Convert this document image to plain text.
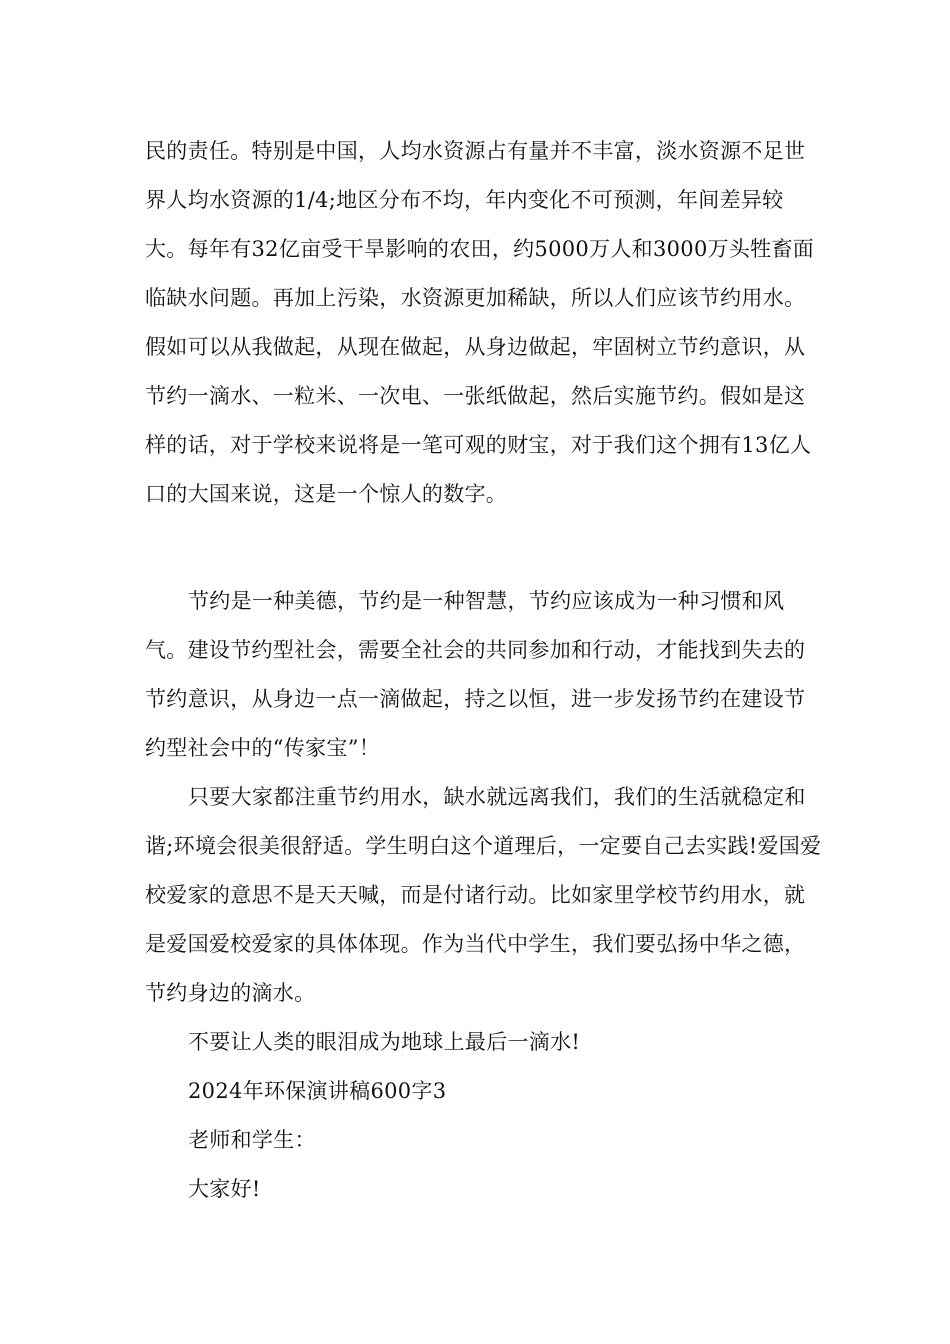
民的责任。特别是中国，人均水资源占有量并不丰富，淡水资源不足世界人均水资源的1/4;地区分布不均，年内变化不可预测，年间差异较大。每年有32亿亩受干旱影响的农田，约5000万人和3000万头牲畜面临缺水问题。再加上污染，水资源更加稀缺，所以人们应该节约用水。假如可以从我做起，从现在做起，从身边做起，牢固树立节约意识，从节约一滴水、一粒米、一次电、一张纸做起，然后实施节约。假如是这样的话，对于学校来说将是一笔可观的财宝，对于我们这个拥有13亿人口的大国来说，这是一个惊人的数字。

节约是一种美德，节约是一种智慧，节约应该成为一种习惯和风气。建设节约型社会，需要全社会的共同参加和行动，才能找到失去的节约意识，从身边一点一滴做起，持之以恒，进一步发扬节约在建设节约型社会中的“传家宝”！

只要大家都注重节约用水，缺水就远离我们，我们的生活就稳定和谐;环境会很美很舒适。学生明白这个道理后，一定要自己去实践!爱国爱校爱家的意思不是天天喊，而是付诸行动。比如家里学校节约用水，就是爱国爱校爱家的具体体现。作为当代中学生，我们要弘扬中华之德，节约身边的滴水。

不要让人类的眼泪成为地球上最后一滴水!

2024年环保演讲稿600字3

老师和学生：

大家好!
